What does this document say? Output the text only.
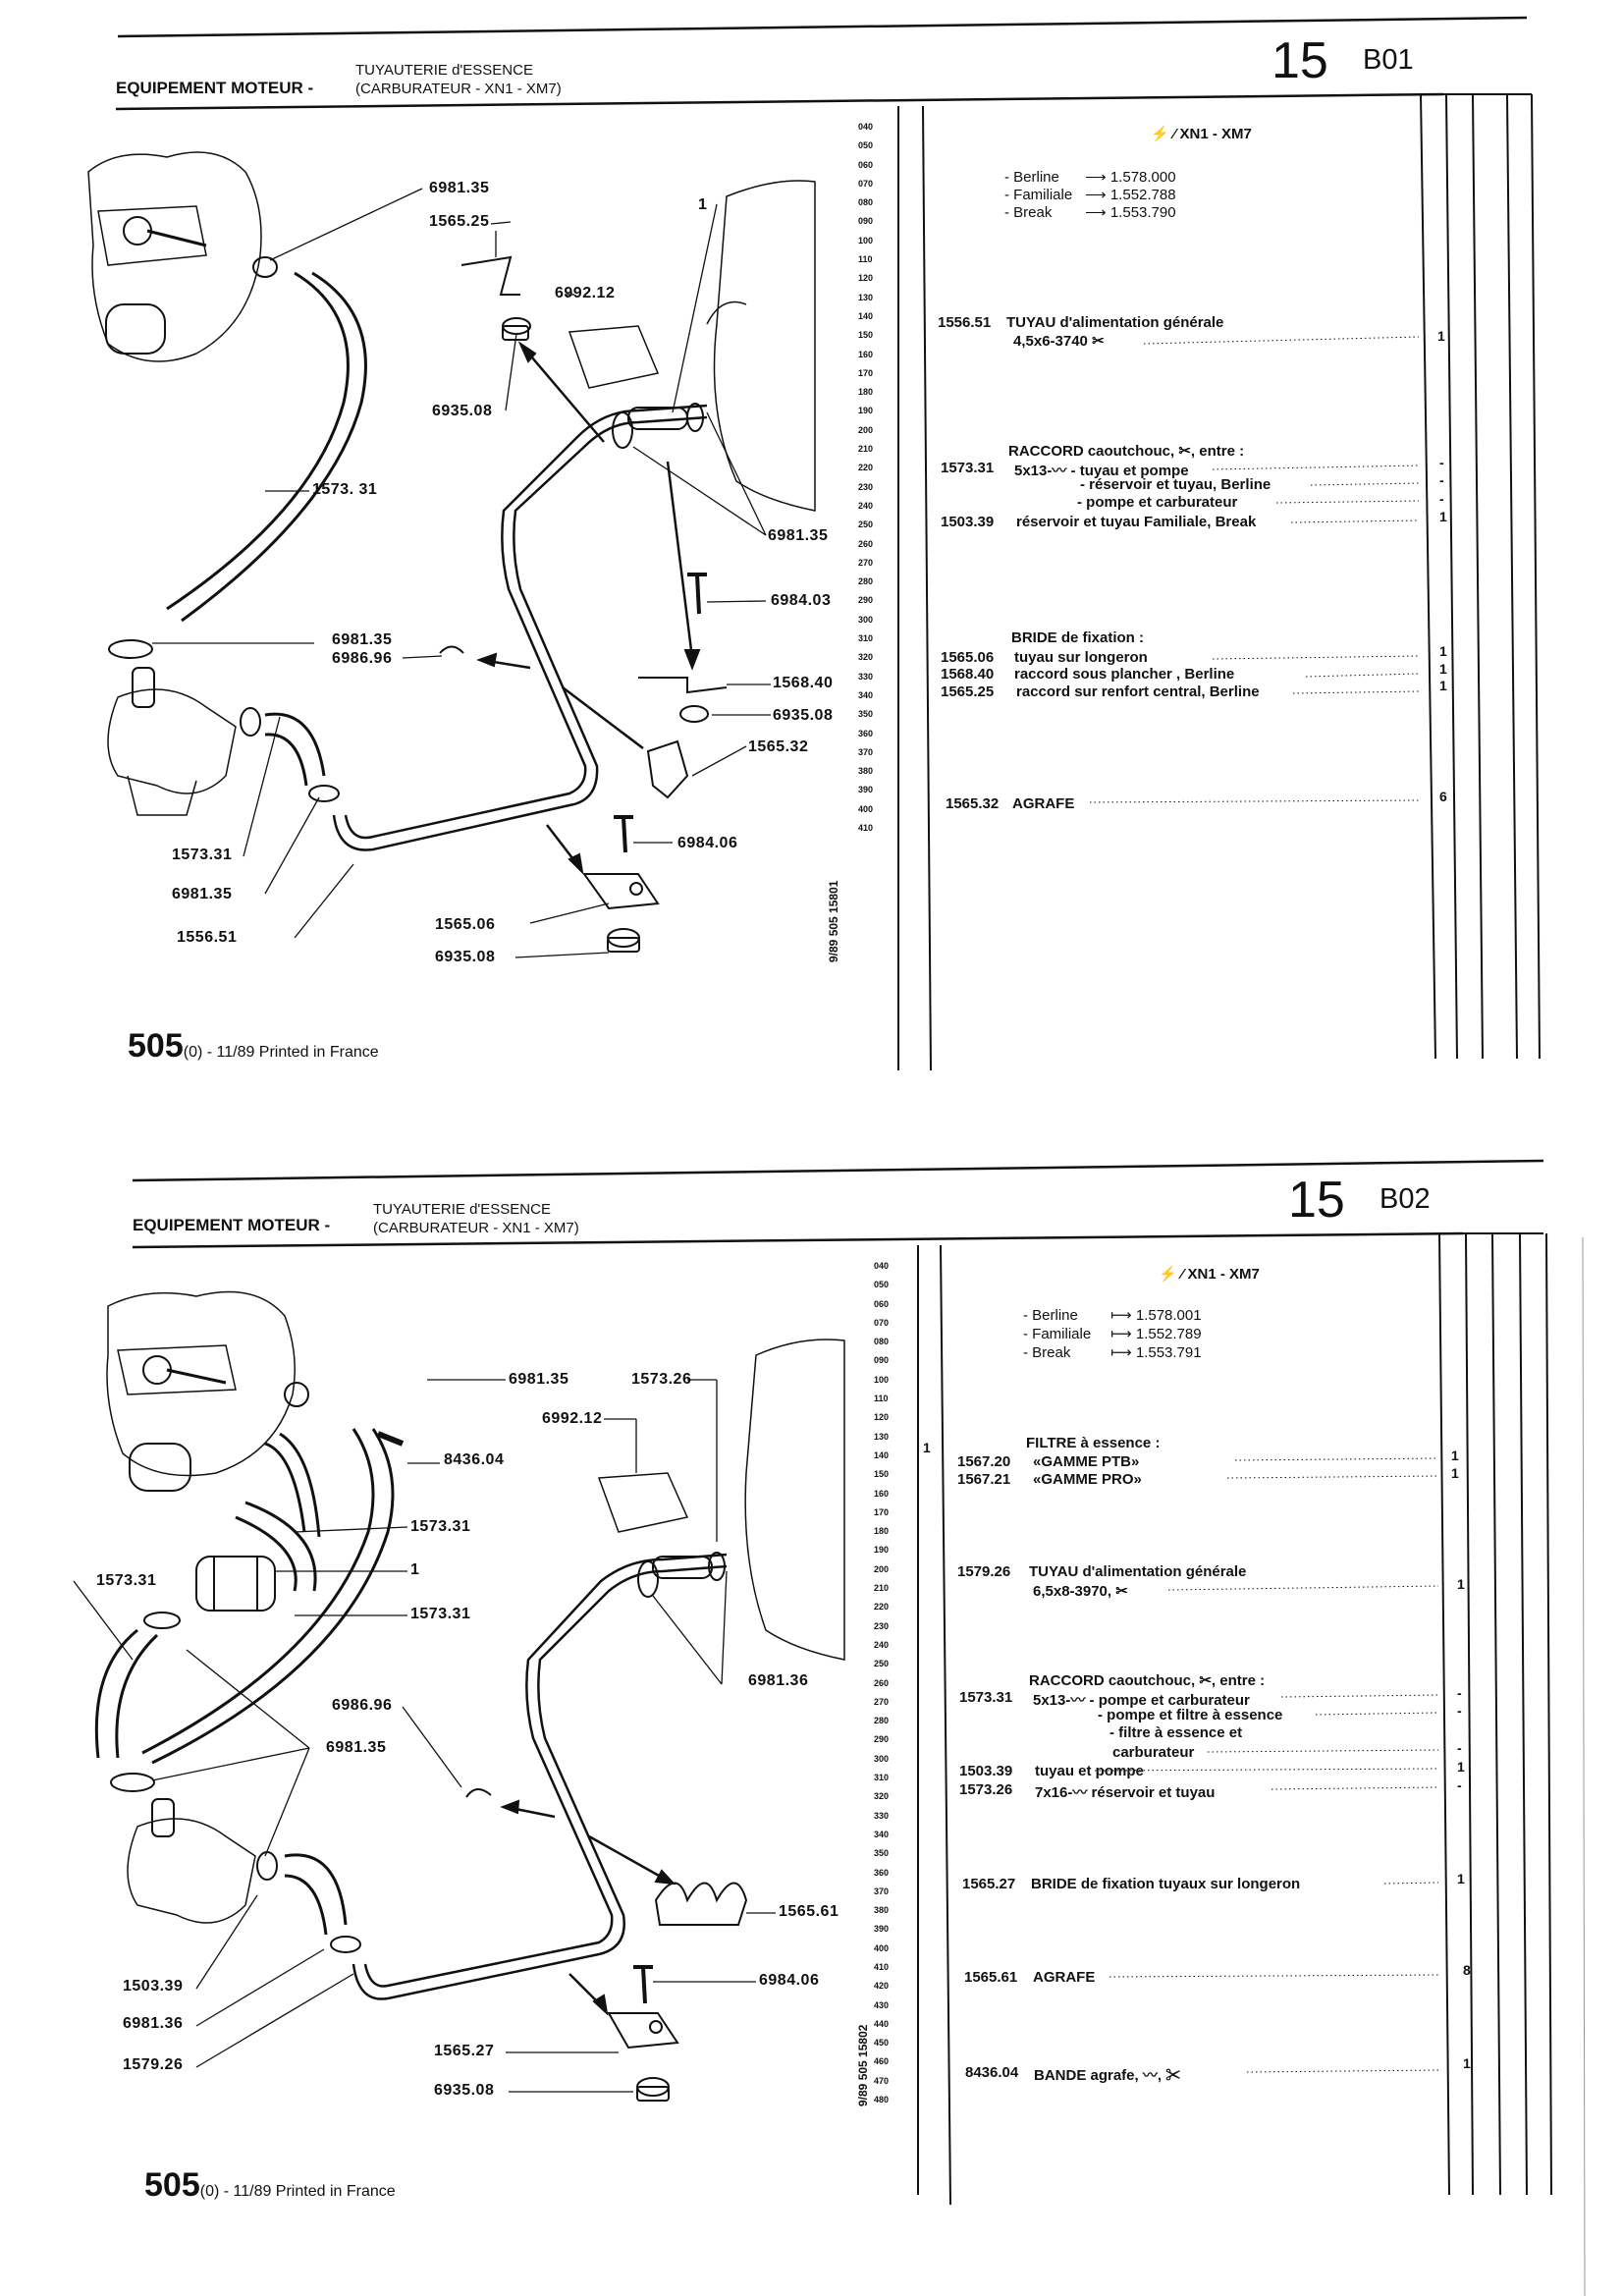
EQUIPEMENT MOTEUR -
TUYAUTERIE d'ESSENCE
(CARBURATEUR - XN1 - XM7)	15 B01
1
6981.35
1565.25
6992.12
6935.08
1573. 31
6981.35
6984.03
6981.35
6986.96
1568.40
6935.08
1565.32
6984.06
1573.31
6981.35
1556.51
1565.06
6935.08
040
050
060
070
080
090
100
110
120
130
140
150
160
170
180
190
200
210
220
230
240
250
260
270
280
290
300
310
320
330
340
350
360
370
380
390
400
410
9/89 505 15801
⚡ ⁄ XN1 - XM7
- Berline ⟶ 1.578.000
- Familiale ⟶ 1.552.788
- Break ⟶ 1.553.790
1556.51 TUYAU d'alimentation générale
4,5x6-3740 ✂	1
RACCORD caoutchouc, ✂, entre :
1573.31 5x13-〰 - tuyau et pompe	-
- réservoir et tuyau, Berline	-
- pompe et carburateur	-
1503.39 réservoir et tuyau Familiale, Break	1
BRIDE de fixation :
1565.06 tuyau sur longeron	1
1568.40 raccord sous plancher , Berline	1
1565.25 raccord sur renfort central, Berline	1
1565.32 AGRAFE	6
505(0) - 11/89 Printed in France
EQUIPEMENT MOTEUR -
TUYAUTERIE d'ESSENCE
(CARBURATEUR - XN1 - XM7)	15 B02
6981.35	1573.26
6992.12
8436.04
1573.31
1573.31
1
1573.31
6981.36
6986.96
6981.35
1565.61
6984.06
1503.39
6981.36
1579.26
1565.27
6935.08
040
050
060
070
080
090
100
110
120
130
140
150
160
170
180
190
200
210
220
230
240
250
260
270
280
290
300
310
320
330
340
350
360
370
380
390
400
410
420
430
440
450
460
470
480
9/89 505 15802
1
⚡ ⁄ XN1 - XM7
- Berline ⟼ 1.578.001
- Familiale ⟼ 1.552.789
- Break ⟼ 1.553.791
FILTRE à essence :
1567.20 «GAMME PTB»	1
1567.21 «GAMME PRO»	1
1579.26 TUYAU d'alimentation générale
6,5x8-3970, ✂	1
RACCORD caoutchouc, ✂, entre :
1573.31 5x13-〰 - pompe et carburateur	-
- pompe et filtre à essence	-
- filtre à essence et
carburateur	-
1503.39 tuyau et pompe	1
1573.26 7x16-〰 réservoir et tuyau	-
1565.27 BRIDE de fixation tuyaux sur longeron	1
1565.61 AGRAFE	8
8436.04 BANDE agrafe, 〰, ✂
1
505(0) - 11/89 Printed in France
